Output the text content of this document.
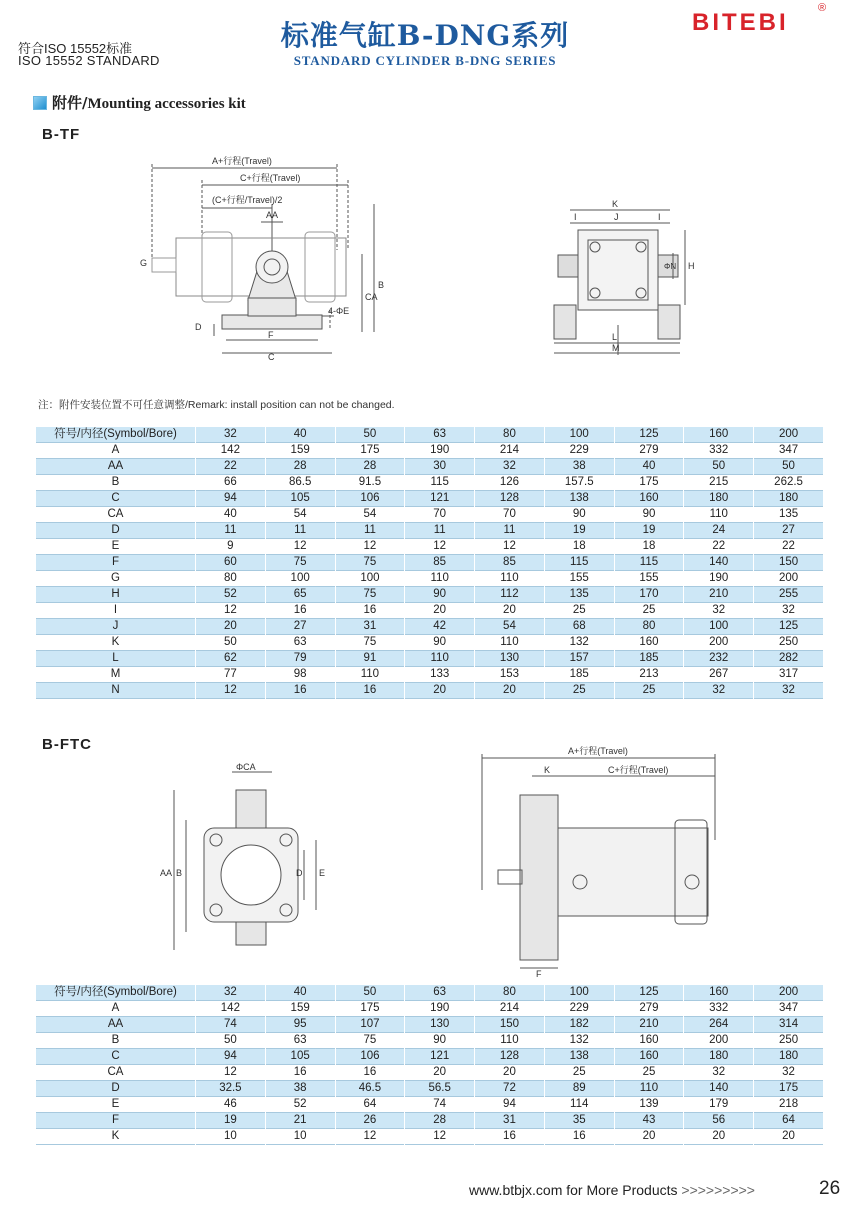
符合ISO 15552标准
ISO 15552 STANDARD
标准气缸B-DNG系列
STANDARD CYLINDER B-DNG SERIES
BITEBI
®
附件/Mounting accessories kit
B-TF
A+行程(Travel)
C+行程(Travel)
(C+行程/Travel)/2
AA
F
C
B
CA
D
G
4-ΦE
K
J
I	I
L
M
ΦN H
注：附件安装位置不可任意调整/Remark: install position can not be changed.
符号/内径(Symbol/Bore)	32	40	50	63	80	100	125	160	200
A	142	159	175	190	214	229	279	332	347
AA	22	28	28	30	32	38	40	50	50
B	66	86.5	91.5	115	126	157.5	175	215	262.5
C	94	105	106	121	128	138	160	180	180
CA	40	54	54	70	70	90	90	110	135
D	11	11	11	11	11	19	19	24	27
E	9	12	12	12	12	18	18	22	22
F	60	75	75	85	85	115	115	140	150
G	80	100	100	110	110	155	155	190	200
H	52	65	75	90	112	135	170	210	255
I	12	16	16	20	20	25	25	32	32
J	20	27	31	42	54	68	80	100	125
K	50	63	75	90	110	132	160	200	250
L	62	79	91	110	130	157	185	232	282
M	77	98	110	133	153	185	213	267	317
N	12	16	16	20	20	25	25	32	32
B-FTC
ΦCA
AA B	D E
A+行程(Travel)
K	C+行程(Travel)
F
符号/内径(Symbol/Bore)	32	40	50	63	80	100	125	160	200
A	142	159	175	190	214	229	279	332	347
AA	74	95	107	130	150	182	210	264	314
B	50	63	75	90	110	132	160	200	250
C	94	105	106	121	128	138	160	180	180
CA	12	16	16	20	20	25	25	32	32
D	32.5	38	46.5	56.5	72	89	110	140	175
E	46	52	64	74	94	114	139	179	218
F	19	21	26	28	31	35	43	56	64
K	10	10	12	12	16	16	20	20	20
www.btbjx.com for More Products >>>>>>>>>	26
